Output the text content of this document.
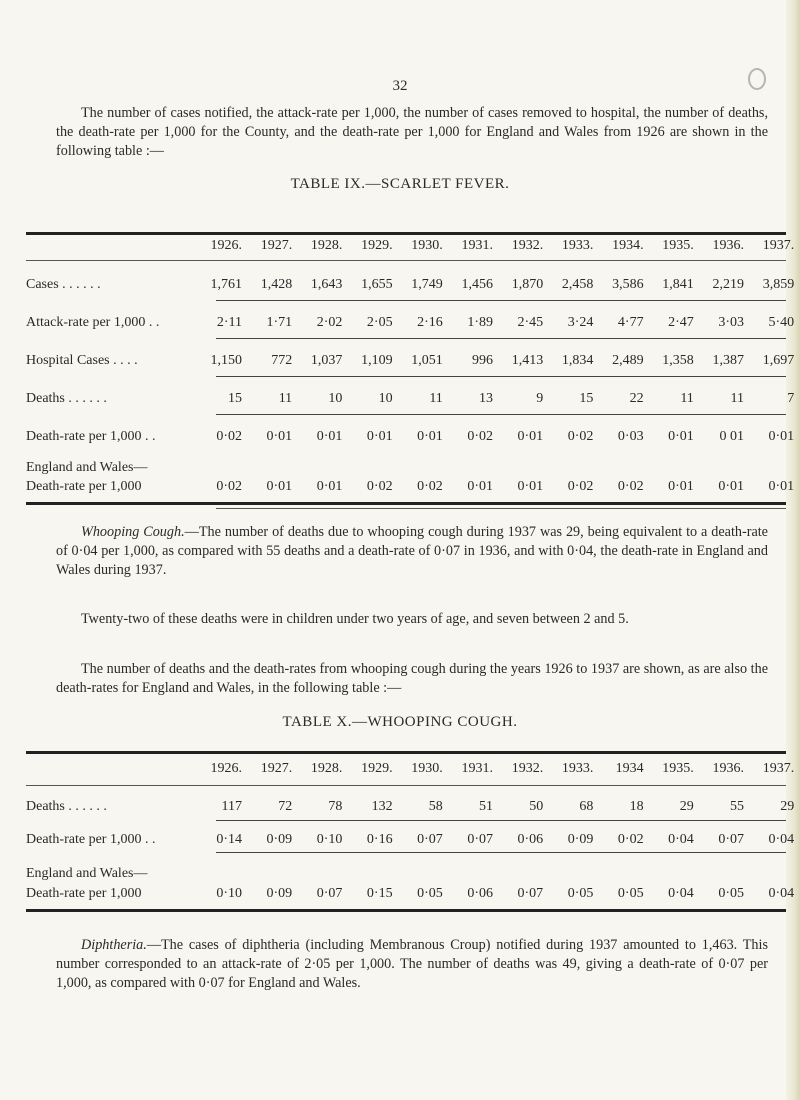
32

The number of cases notified, the attack-rate per 1,000, the number of cases removed to hospital, the number of deaths, the death-rate per 1,000 for the County, and the death-rate per 1,000 for England and Wales from 1926 are shown in the following table :—

TABLE IX.—SCARLET FEVER.
1926.	1927.	1928.	1929.	1930.	1931.	1932.	1933.	1934.	1935.	1936.	1937.
Cases . . . . . .	1,761	1,428	1,643	1,655	1,749	1,456	1,870	2,458	3,586	1,841	2,219	3,859
Attack-rate per 1,000 . .	2·11	1·71	2·02	2·05	2·16	1·89	2·45	3·24	4·77	2·47	3·03	5·40
Hospital Cases . . . .	1,150	772	1,037	1,109	1,051	996	1,413	1,834	2,489	1,358	1,387	1,697
Deaths . . . . . .	15	11	10	10	11	13	9	15	22	11	11	7
Death-rate per 1,000 . .	0·02	0·01	0·01	0·01	0·01	0·02	0·01	0·02	0·03	0·01	0 01	0·01
England and Wales—
Death-rate per 1,000	0·02	0·01	0·01	0·02	0·02	0·01	0·01	0·02	0·02	0·01	0·01	0·01

Whooping Cough.—The number of deaths due to whooping cough during 1937 was 29, being equivalent to a death-rate of 0·04 per 1,000, as compared with 55 deaths and a death-rate of 0·07 in 1936, and with 0·04, the death-rate in England and Wales during 1937.

Twenty-two of these deaths were in children under two years of age, and seven between 2 and 5.

The number of deaths and the death-rates from whooping cough during the years 1926 to 1937 are shown, as are also the death-rates for England and Wales, in the following table :—

TABLE X.—WHOOPING COUGH.
1926.	1927.	1928.	1929.	1930.	1931.	1932.	1933.	1934	1935.	1936.	1937.
Deaths . . . . . .	117	72	78	132	58	51	50	68	18	29	55	29
Death-rate per 1,000 . .	0·14	0·09	0·10	0·16	0·07	0·07	0·06	0·09	0·02	0·04	0·07	0·04
England and Wales—
Death-rate per 1,000	0·10	0·09	0·07	0·15	0·05	0·06	0·07	0·05	0·05	0·04	0·05	0·04

Diphtheria.—The cases of diphtheria (including Membranous Croup) notified during 1937 amounted to 1,463. This number corresponded to an attack-rate of 2·05 per 1,000. The number of deaths was 49, giving a death-rate of 0·07 per 1,000, as compared with 0·07 for England and Wales.
